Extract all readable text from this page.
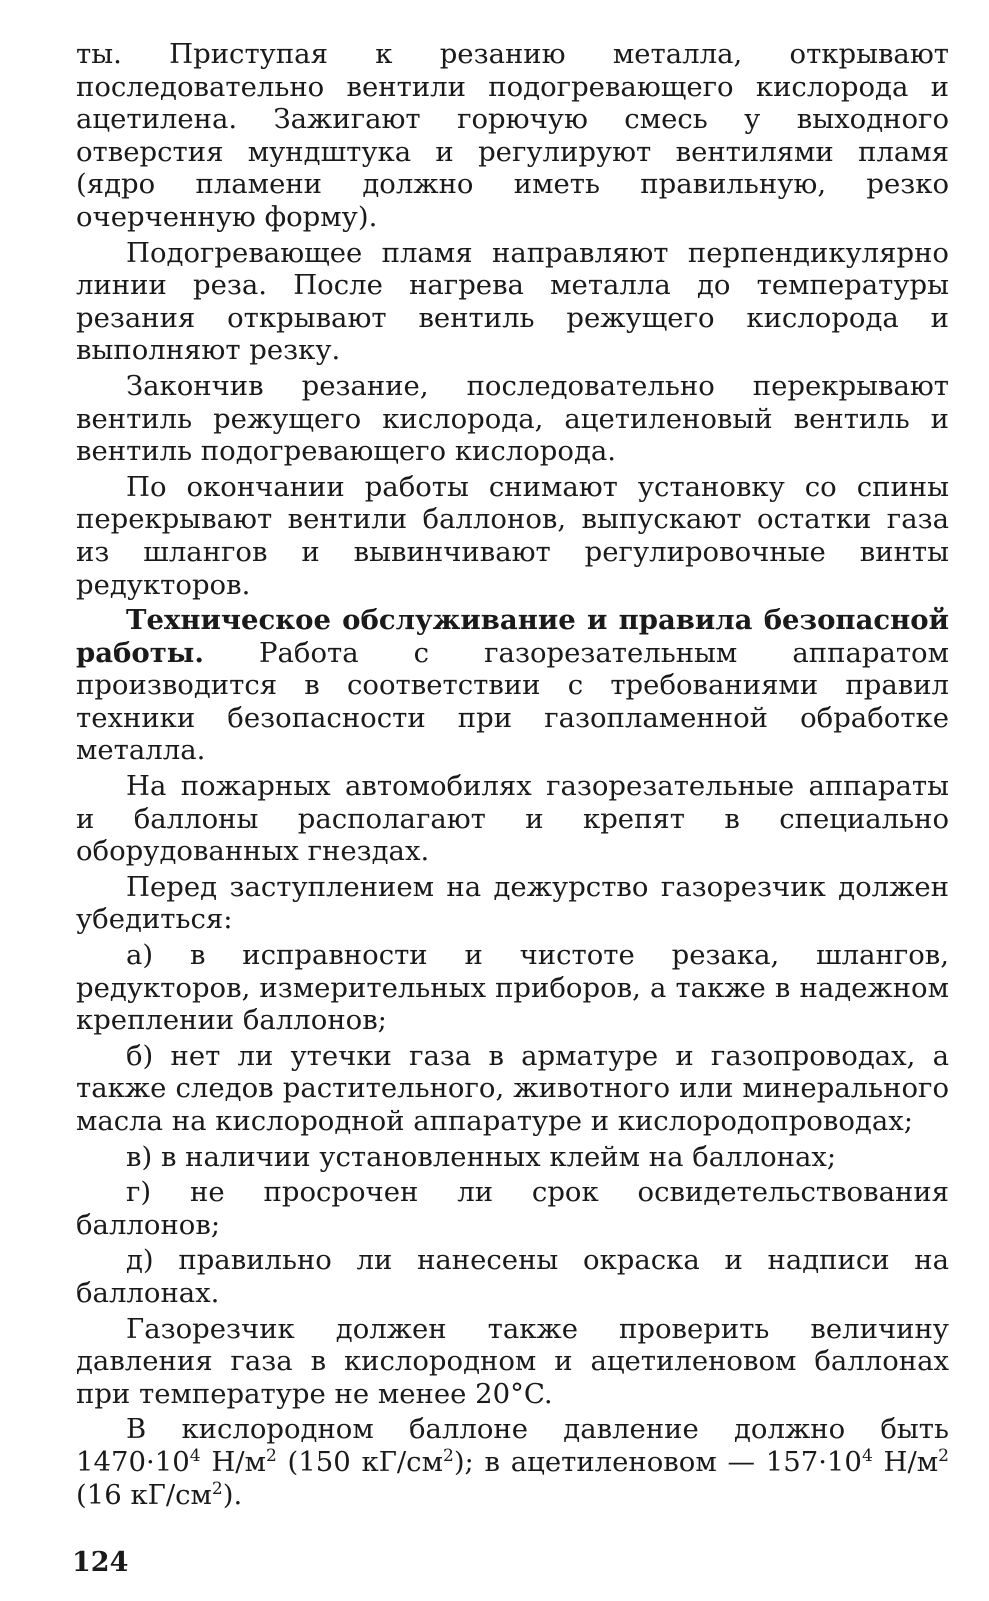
ты. Приступая к резанию металла, открывают последовательно вентили подогревающего кислорода и ацетилена. Зажигают горючую смесь у выходного отверстия мундштука и регулируют вентилями пламя (ядро пламени должно иметь правильную, резко очерченную форму).

Подогревающее пламя направляют перпендикулярно линии реза. После нагрева металла до температуры резания открывают вентиль режущего кислорода и выполняют резку.

Закончив резание, последовательно перекрывают вентиль режущего кислорода, ацетиленовый вентиль и вентиль подогревающего кислорода.

По окончании работы снимают установку со спины перекрывают вентили баллонов, выпускают остатки газа из шлангов и вывинчивают регулировочные винты редукторов.

Техническое обслуживание и правила безопасной работы. Работа с газорезательным аппаратом производится в соответствии с требованиями правил техники безопасности при газопламенной обработке металла.

На пожарных автомобилях газорезательные аппараты и баллоны располагают и крепят в специально оборудованных гнездах.

Перед заступлением на дежурство газорезчик должен убедиться:

а) в исправности и чистоте резака, шлангов, редукторов, измерительных приборов, а также в надежном креплении баллонов;

б) нет ли утечки газа в арматуре и газопроводах, а также следов растительного, животного или минерального масла на кислородной аппаратуре и кислородопроводах;

в) в наличии установленных клейм на баллонах;

г) не просрочен ли срок освидетельствования баллонов;

д) правильно ли нанесены окраска и надписи на баллонах.

Газорезчик должен также проверить величину давления газа в кислородном и ацетиленовом баллонах при температуре не менее 20°C.

В кислородном баллоне давление должно быть $1470\cdot 10^4$ $Н/м^2$ (150 $кГ/см^2$); в ацетиленовом — $157\cdot 10^4$ $Н/м^2$ (16 $кГ/см^2$).

124
